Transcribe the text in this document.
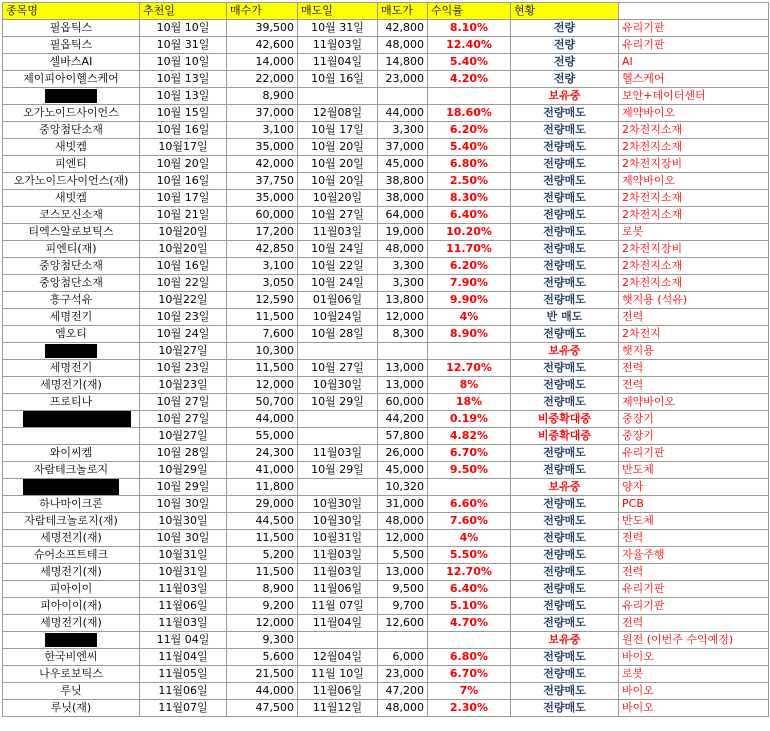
종목명	추천일	매수가	매도일	매도가	수익률	현황	
필옵틱스	10월 10일	39,500	10월 31일	42,800	8.10%	전량	유리기판
필옵틱스	10월 31일	42,600	11월03일	48,000	12.40%	전량	유리기판
셀바스AI	10월 10일	14,000	11월04일	14,800	5.40%	전량	AI
제이피아이헬스케어	10월 13일	22,000	10월 16일	23,000	4.20%	전량	헬스케어
	10월 13일	8,900				보유중	보안+데이터센터
오가노이드사이언스	10월 15일	37,000	12월08일	44,000	18.60%	전량매도	제약바이오
중앙첨단소재	10월 16일	3,100	10월 17일	3,300	6.20%	전량매도	2차전지소재
새빗켐	10월17일	35,000	10월 20일	37,000	5.40%	전량매도	2차전지소재
피엔티	10월 20일	42,000	10월 20일	45,000	6.80%	전량매도	2차전지장비
오가노이드사이언스(재)	10월 16일	37,750	10월 20일	38,800	2.50%	전량매도	제약바이오
새빗켐	10월 17일	35,000	10월20일	38,000	8.30%	전량매도	2차전지소재
코스모신소재	10월 21일	60,000	10월 27일	64,000	6.40%	전량매도	2차전지소재
티엑스알로보틱스	10월20일	17,200	11월03일	19,000	10.20%	전량매도	로봇
피엔티(재)	10월20일	42,850	10월 24일	48,000	11.70%	전량매도	2차전지장비
중앙첨단소재	10월 16일	3,100	10월 22일	3,300	6.20%	전량매도	2차전지소재
중앙첨단소재	10월 22일	3,050	10월 24일	3,300	7.90%	전량매도	2차전지소재
흥구석유	10월22일	12,590	01월06일	13,800	9.90%	전량매도	햇지용 (석유)
세명전기	10월 23일	11,500	10월24일	12,000	4%	반 매도	전력
엠오티	10월 24일	7,600	10월 28일	8,300	8.90%	전량매도	2차전지
	10월27일	10,300				보유중	햇지용
세명전기	10월 23일	11,500	10월 27일	13,000	12.70%	전량매도	전력
세명전기(재)	10월23일	12,000	10월30일	13,000	8%	전량매도	전력
프로티나	10월 27일	50,700	10월 29일	60,000	18%	전량매도	제약바이오

	10월 27일	44,000		44,200	0.19%	비중확대중	중장기
	10월27일	55,000		57,800	4.82%	비중확대중	중장기
와이씨켐	10월 28일	24,300	11월03일	26,000	6.70%	전량매도	유리기판
자람테크놀로지	10월29일	41,000	10월 29일	45,000	9.50%	전량매도	반도체
	10월 29일	11,800		10,320		보유중	양자
하나마이크론	10월 30일	29,000	10월30일	31,000	6.60%	전량매도	PCB
자람테크놀로지(재)	10월30일	44,500	10월30일	48,000	7.60%	전량매도	반도체
세명전기(재)	10월 30일	11,500	10월31일	12,000	4%	전량매도	전력
슈어소프트테크	10월31일	5,200	11월03일	5,500	5.50%	전량매도	자율주행
세명전기(재)	10월31일	11,500	11월03일	13,000	12.70%	전량매도	전력
피아이이	11월03일	8,900	11월06일	9,500	6.40%	전량매도	유리기판
피아이이(재)	11월06일	9,200	11월 07일	9,700	5.10%	전량매도	유리기판
세명전기(재)	11월03일	12,000	11월04일	12,600	4.70%	전량매도	전력
	11월 04일	9,300				보유중	원전 (이번주 수익예정)
한국비엔씨	11월04일	5,600	12월04일	6,000	6.80%	전량매도	바이오
나우로보틱스	11월05일	21,500	11월 10일	23,000	6.70%	전량매도	로봇
루닛	11월06일	44,000	11월06일	47,200	7%	전량매도	바이오
루닛(재)	11월07일	47,500	11월12일	48,000	2.30%	전량매도	바이오
